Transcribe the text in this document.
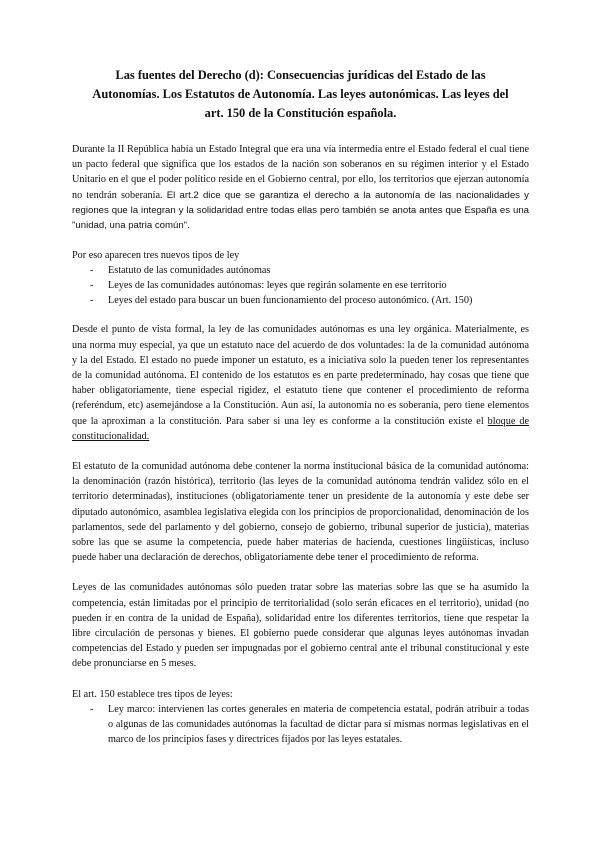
Las fuentes del Derecho (d): Consecuencias jurídicas del Estado de las Autonomías. Los Estatutos de Autonomía. Las leyes autonómicas. Las leyes del art. 150 de la Constitución española.

Durante la II República había un Estado Integral que era una vía intermedia entre el Estado federal el cual tiene un pacto federal que significa que los estados de la nación son soberanos en su régimen interior y el Estado Unitario en el que el poder político reside en el Gobierno central, por ello, los territorios que ejerzan autonomía no tendrán soberanía. El art.2 dice que se garantiza el derecho a la autonomía de las nacionalidades y regiones que la integran y la solidaridad entre todas ellas pero también se anota antes que España es una "unidad, una patria común".

Por eso aparecen tres nuevos tipos de ley

- Estatuto de las comunidades autónomas
- Leyes de las comunidades autónomas: leyes que regirán solamente en ese territorio
- Leyes del estado para buscar un buen funcionamiento del proceso autonómico. (Art. 150)

Desde el punto de vista formal, la ley de las comunidades autónomas es una ley orgánica. Materialmente, es una norma muy especial, ya que un estatuto nace del acuerdo de dos voluntades: la de la comunidad autónoma y la del Estado. El estado no puede imponer un estatuto, es a iniciativa solo la pueden tener los representantes de la comunidad autónoma. El contenido de los estatutos es en parte predeterminado, hay cosas que tiene que haber obligatoriamente, tiene especial rigidez, el estatuto tiene que contener el procedimiento de reforma (referéndum, etc) asemejándose a la Constitución. Aun así, la autonomía no es soberanía, pero tiene elementos que la aproximan a la constitución. Para saber si una ley es conforme a la constitución existe el bloque de constitucionalidad.

El estatuto de la comunidad autónoma debe contener la norma institucional básica de la comunidad autónoma: la denominación (razón histórica), territorio (las leyes de la comunidad autónoma tendrán validez sólo en el territorio determinadas), instituciones (obligatoriamente tener un presidente de la autonomía y este debe ser diputado autonómico, asamblea legislativa elegida con los principios de proporcionalidad, denominación de los parlamentos, sede del parlamento y del gobierno, consejo de gobierno, tribunal superior de justicia), materias sobre las que se asume la competencia, puede haber materias de hacienda, cuestiones lingüísticas, incluso puede haber una declaración de derechos, obligatoriamente debe tener el procedimiento de reforma.

Leyes de las comunidades autónomas sólo pueden tratar sobre las materias sobre las que se ha asumido la competencia, están limitadas por el principio de territorialidad (solo serán eficaces en el territorio), unidad (no pueden ir en contra de la unidad de España), solidaridad entre los diferentes territorios, tiene que respetar la libre circulación de personas y bienes. El gobierno puede considerar que algunas leyes autónomas invadan competencias del Estado y pueden ser impugnadas por el gobierno central ante el tribunal constitucional y este debe pronunciarse en 5 meses.

El art. 150 establece tres tipos de leyes:

- Ley marco: intervienen las cortes generales en materia de competencia estatal, podrán atribuir a todas o algunas de las comunidades autónomas la facultad de dictar para sí mismas normas legislativas en el marco de los principios fases y directrices fijados por las leyes estatales.
